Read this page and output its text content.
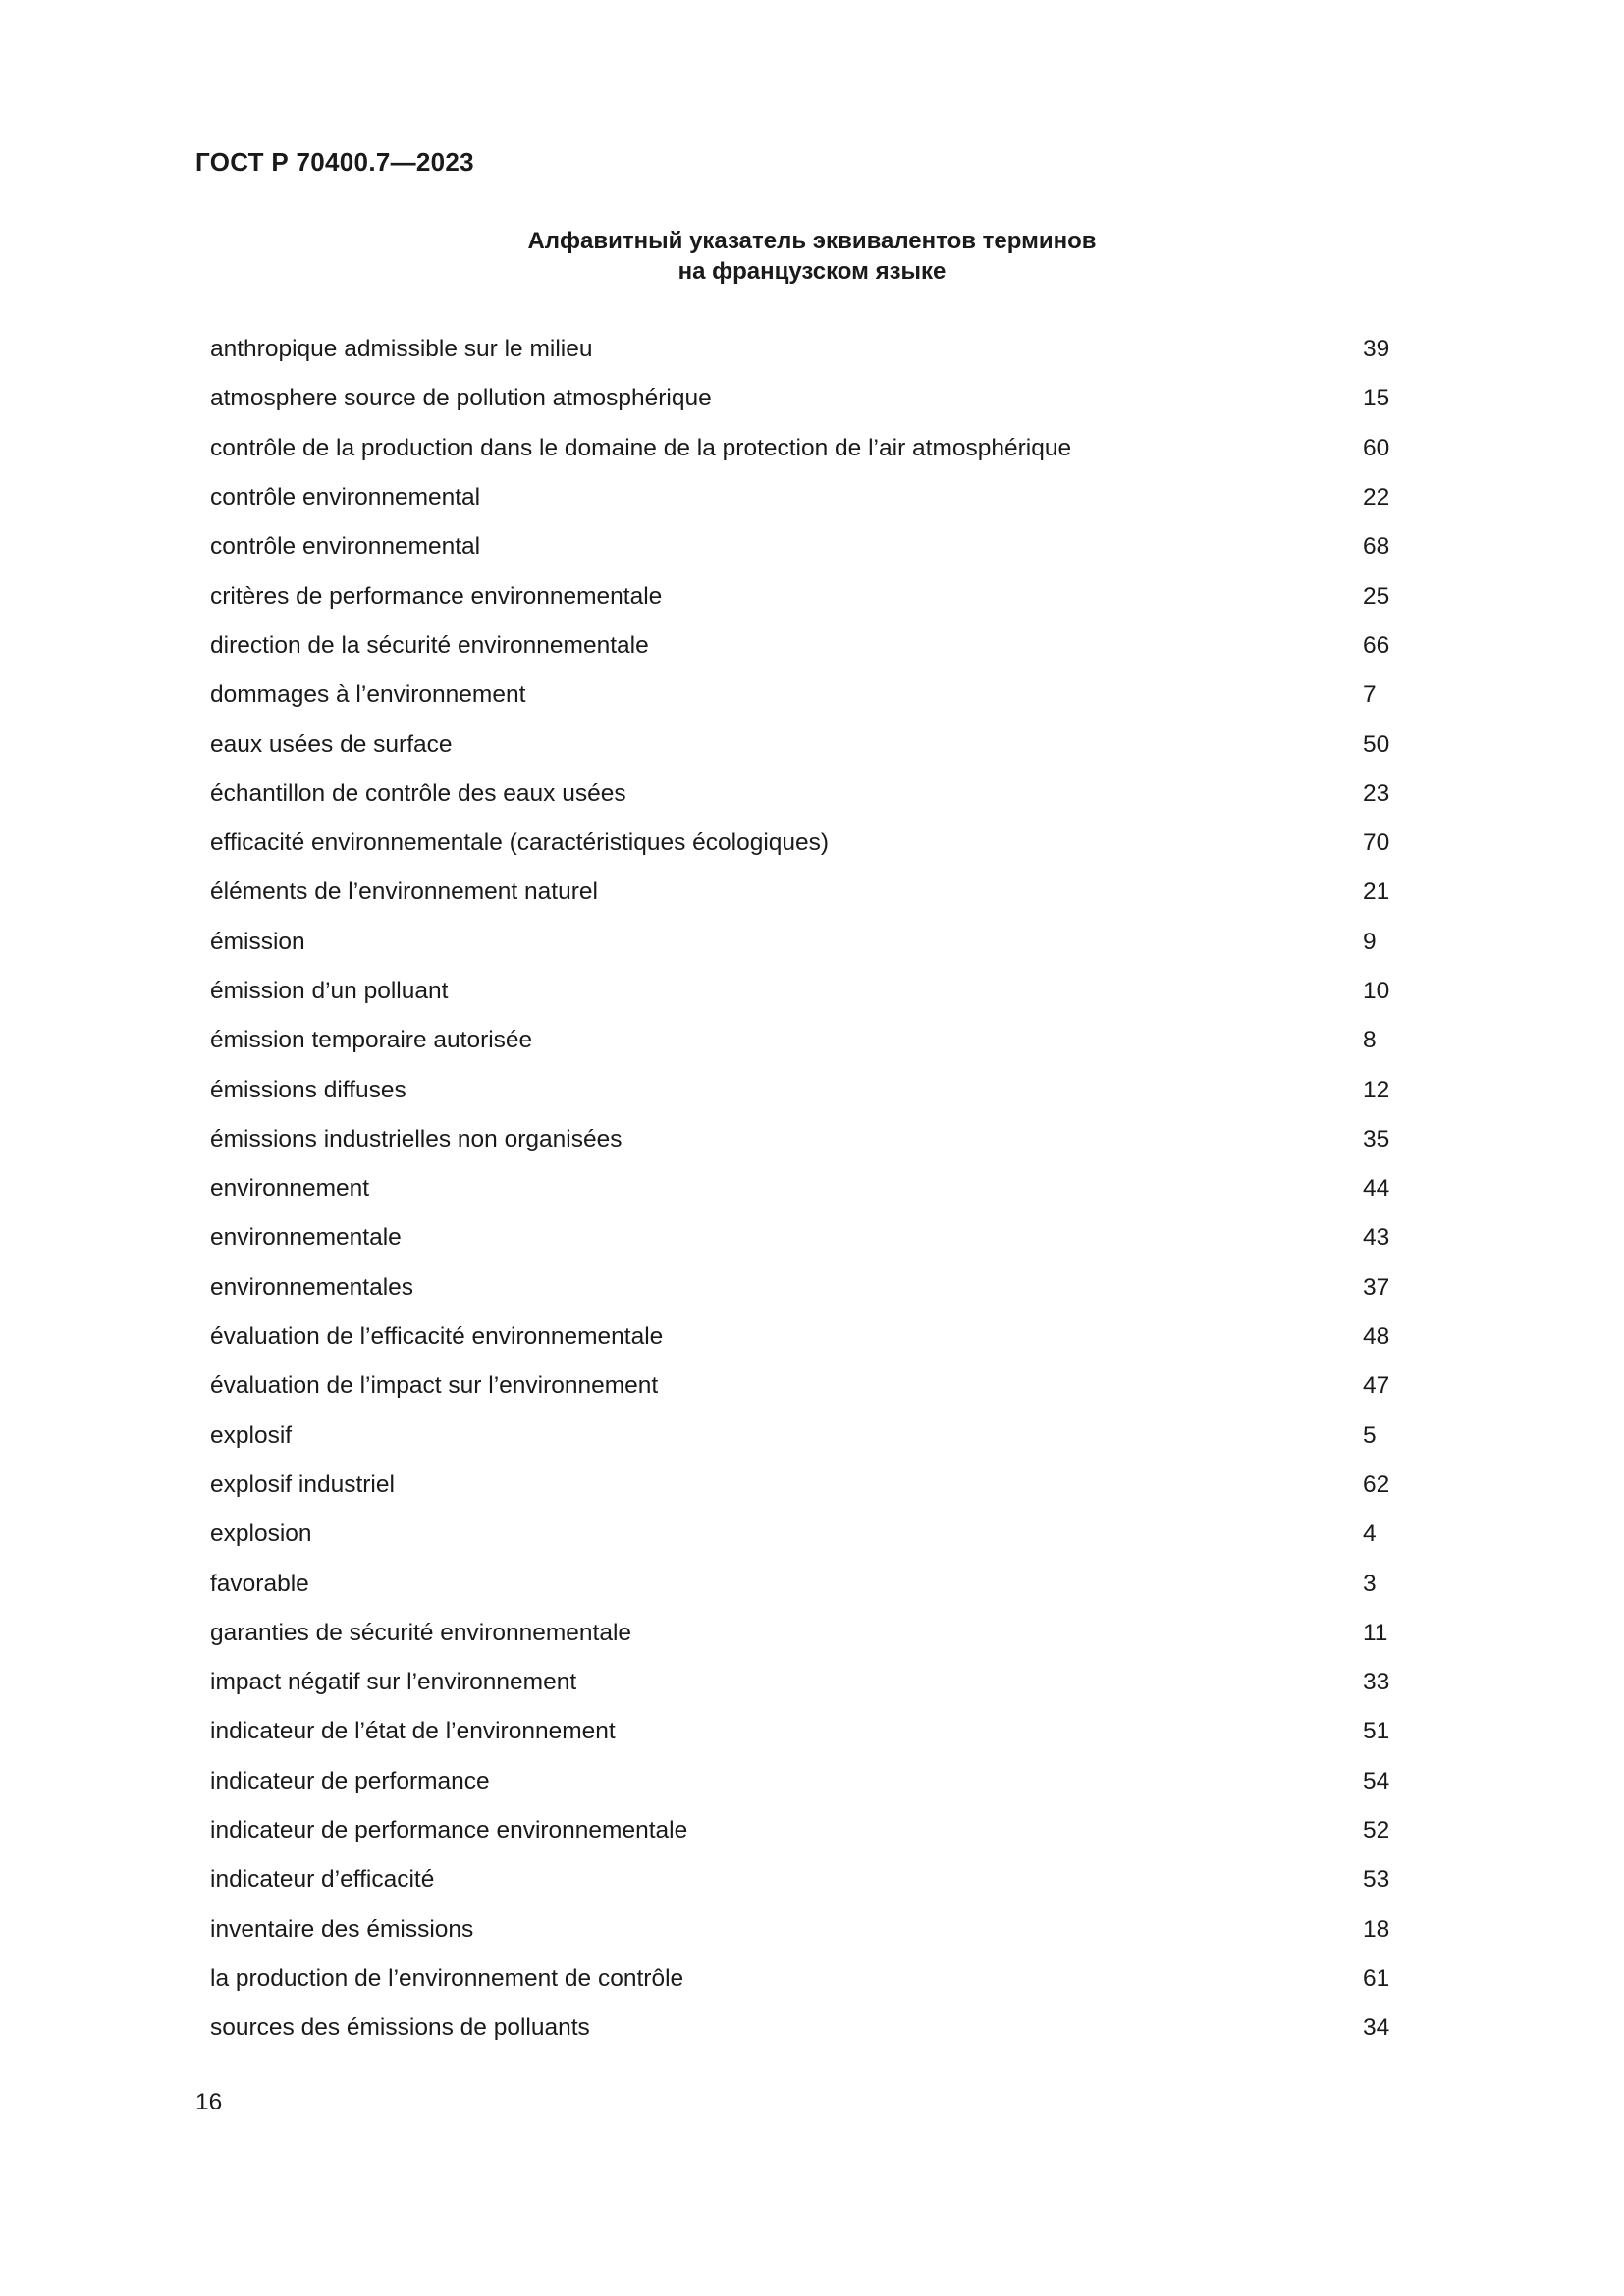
ГОСТ Р 70400.7—2023
Алфавитный указатель эквивалентов терминов
на французском языке
anthropique admissible sur le milieu	39
atmosphere source de pollution atmosphérique	15
contrôle de la production dans le domaine de la protection de l’air atmosphérique	60
contrôle environnemental	22
contrôle environnemental	68
critères de performance environnementale	25
direction de la sécurité environnementale	66
dommages à l’environnement	7
eaux usées de surface	50
échantillon de contrôle des eaux usées	23
efficacité environnementale (caractéristiques écologiques)	70
éléments de l’environnement naturel	21
émission	9
émission d’un polluant	10
émission temporaire autorisée	8
émissions diffuses	12
émissions industrielles non organisées	35
environnement	44
environnementale	43
environnementales	37
évaluation de l’efficacité environnementale	48
évaluation de l’impact sur l’environnement	47
explosif	5
explosif industriel	62
explosion	4
favorable	3
garanties de sécurité environnementale	11
impact négatif sur l’environnement	33
indicateur de l’état de l’environnement	51
indicateur de performance	54
indicateur de performance environnementale	52
indicateur d’efficacité	53
inventaire des émissions	18
la production de l’environnement de contrôle	61
sources des émissions de polluants	34
16
